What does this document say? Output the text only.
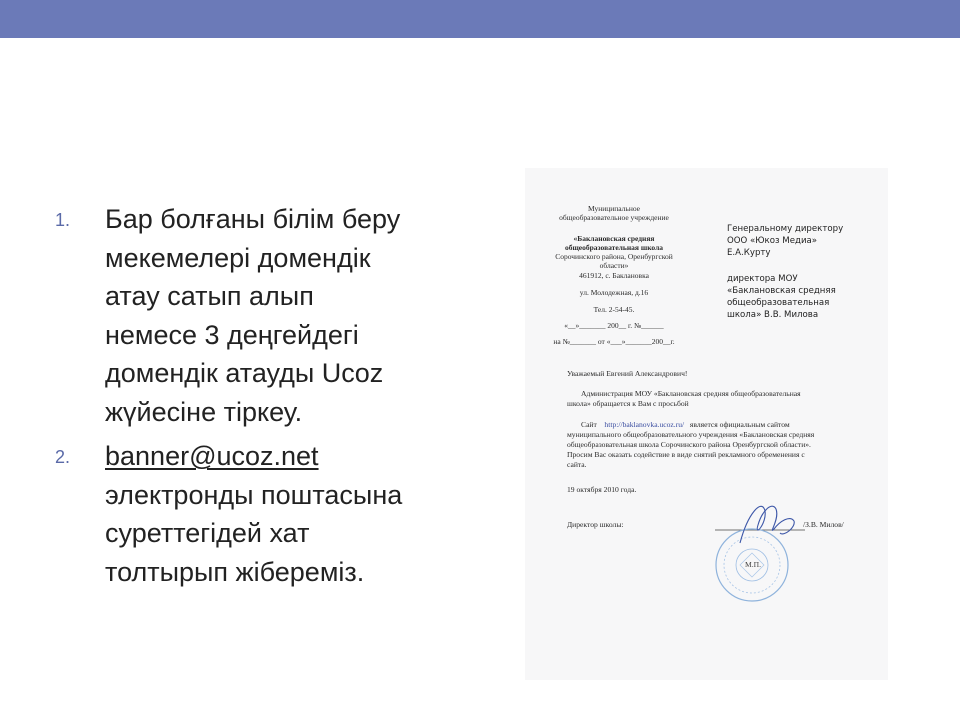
1. Бар болғаны білім беру
мекемелері домендік
атау сатып алып
немесе 3 деңгейдегі
домендік атауды Ucoz
жүйесіне тіркеу.
2. banner@ucoz.net
электронды поштасына
суреттегідей хат
толтырып жібереміз.
Муниципальное
общеобразовательное учреждение
«Баклановская средняя
общеобразовательная школа
Сорочинского района, Оренбургской
области»
461912, с. Баклановка
ул. Молодежная, д.16
Тел. 2-54-45.
«__»_______ 200__ г. №______
на №_______ от «___»_______200__г.
Генеральному директору
ООО «Юкоз Медиа»
Е.А.Курту
директора МОУ
«Баклановская средняя
общеобразовательная
школа» В.В. Милова
Уважаемый Евгений Александрович!
Администрация МОУ «Баклановская средняя общеобразовательная
школа» обращается к Вам с просьбой
Сайт http://baklanovka.ucoz.ru/ является официальным сайтом
муниципального общеобразовательного учреждения «Баклановская средняя
общеобразовательная школа Сорочинского района Оренбургской области».
Просим Вас оказать содействие в виде снятий рекламного обременения с
сайта.
19 октября 2010 года.
Директор школы:	/З.В. Милов/
М.П.
